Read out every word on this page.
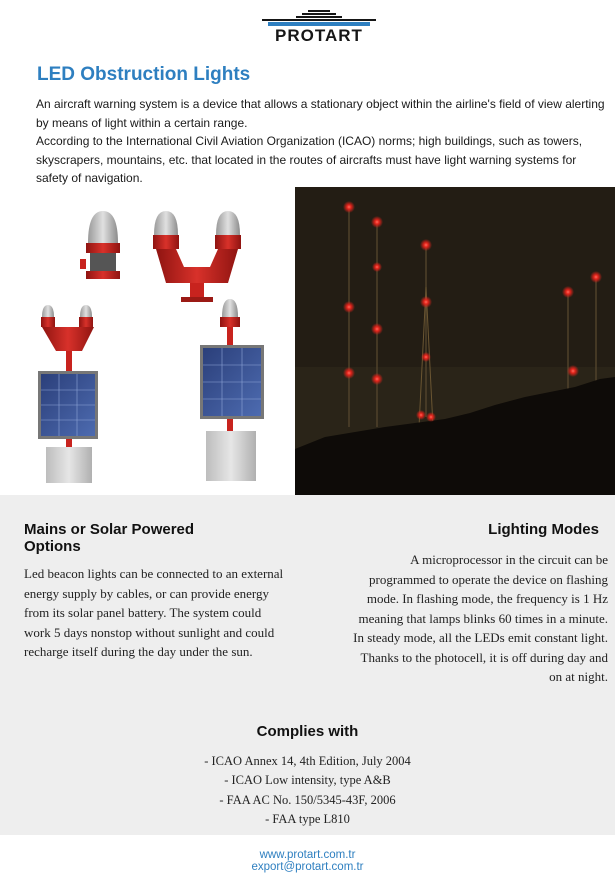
PROTART
LED Obstruction Lights

An aircraft warning system is a device that allows a stationary object within the airline's field of view alerting by means of light within a certain range.

According to the International Civil Aviation Organization (ICAO) norms; high buildings, such as towers, skyscrapers, mountains, etc. that located in the routes of aircrafts must have light warning systems for safety of navigation.

Mains or Solar Powered Options
Led beacon lights can be connected to an external energy supply by cables, or can provide energy from its solar panel battery. The system could work 5 days nonstop without sunlight and could recharge itself during the day under the sun.
Lighting Modes
A microprocessor in the circuit can be programmed to operate the device on flashing mode. In flashing mode, the frequency is 1 Hz meaning that lamps blinks 60 times in a minute. In steady mode, all the LEDs emit constant light. Thanks to the photocell, it is off during day and on at night.
Complies with
- ICAO Annex 14, 4th Edition, July 2004
- ICAO Low intensity, type A&B
- FAA AC No. 150/5345-43F, 2006
- FAA type L810
www.protart.com.tr
export@protart.com.tr
